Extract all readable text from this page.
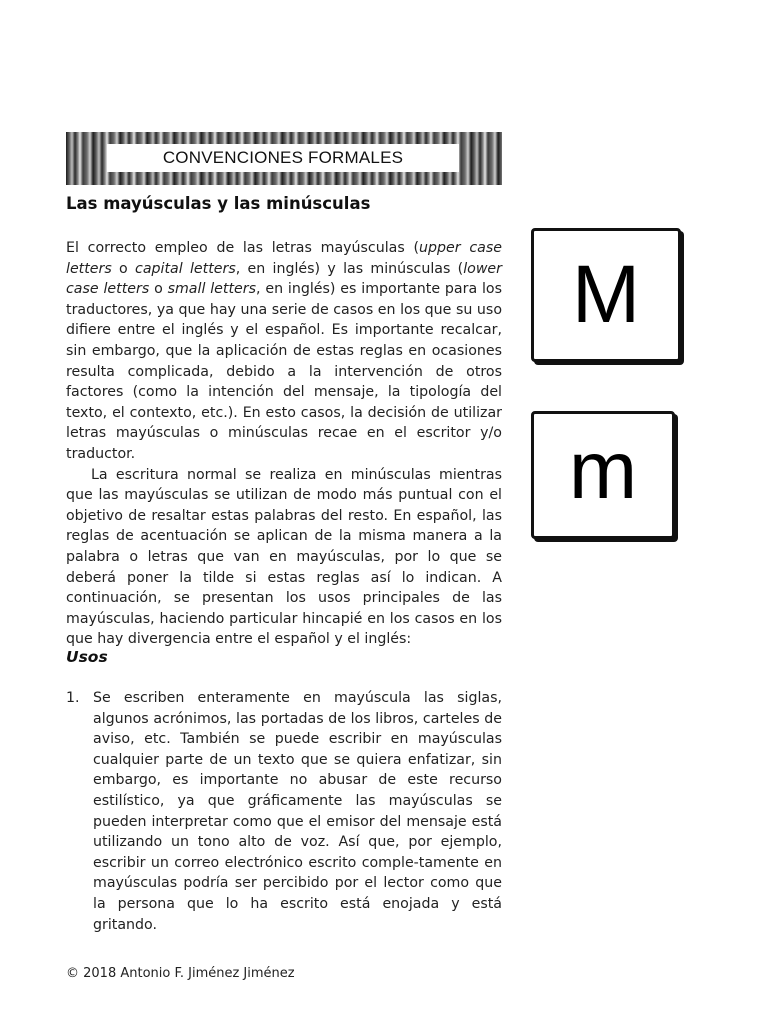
CONVENCIONES FORMALES
Las mayúsculas y las minúsculas

El correcto empleo de las letras mayúsculas (upper case letters o capital letters, en inglés) y las minúsculas (lower case letters o small letters, en inglés) es importante para los traductores, ya que hay una serie de casos en los que su uso difiere entre el inglés y el español. Es importante recalcar, sin embargo, que la aplicación de estas reglas en ocasiones resulta complicada, debido a la intervención de otros factores (como la intención del mensaje, la tipología del texto, el contexto, etc.). En esto casos, la decisión de utilizar letras mayúsculas o minúsculas recae en el escritor y/o traductor.

La escritura normal se realiza en minúsculas mientras que las mayúsculas se utilizan de modo más puntual con el objetivo de resaltar estas palabras del resto. En español, las reglas de acentuación se aplican de la misma manera a la palabra o letras que van en mayúsculas, por lo que se deberá poner la tilde si estas reglas así lo indican. A continuación, se presentan los usos principales de las mayúsculas, haciendo particular hincapié en los casos en los que hay divergencia entre el español y el inglés:

Usos
1. Se escriben enteramente en mayúscula las siglas, algunos acrónimos, las portadas de los libros, carteles de aviso, etc. También se puede escribir en mayúsculas cualquier parte de un texto que se quiera enfatizar, sin embargo, es importante no abusar de este recurso estilístico, ya que gráficamente las mayúsculas se pueden interpretar como que el emisor del mensaje está utilizando un tono alto de voz. Así que, por ejemplo, escribir un correo electrónico escrito comple-tamente en mayúsculas podría ser percibido por el lector como que la persona que lo ha escrito está enojada y está gritando.
M
m
© 2018 Antonio F. Jiménez Jiménez
